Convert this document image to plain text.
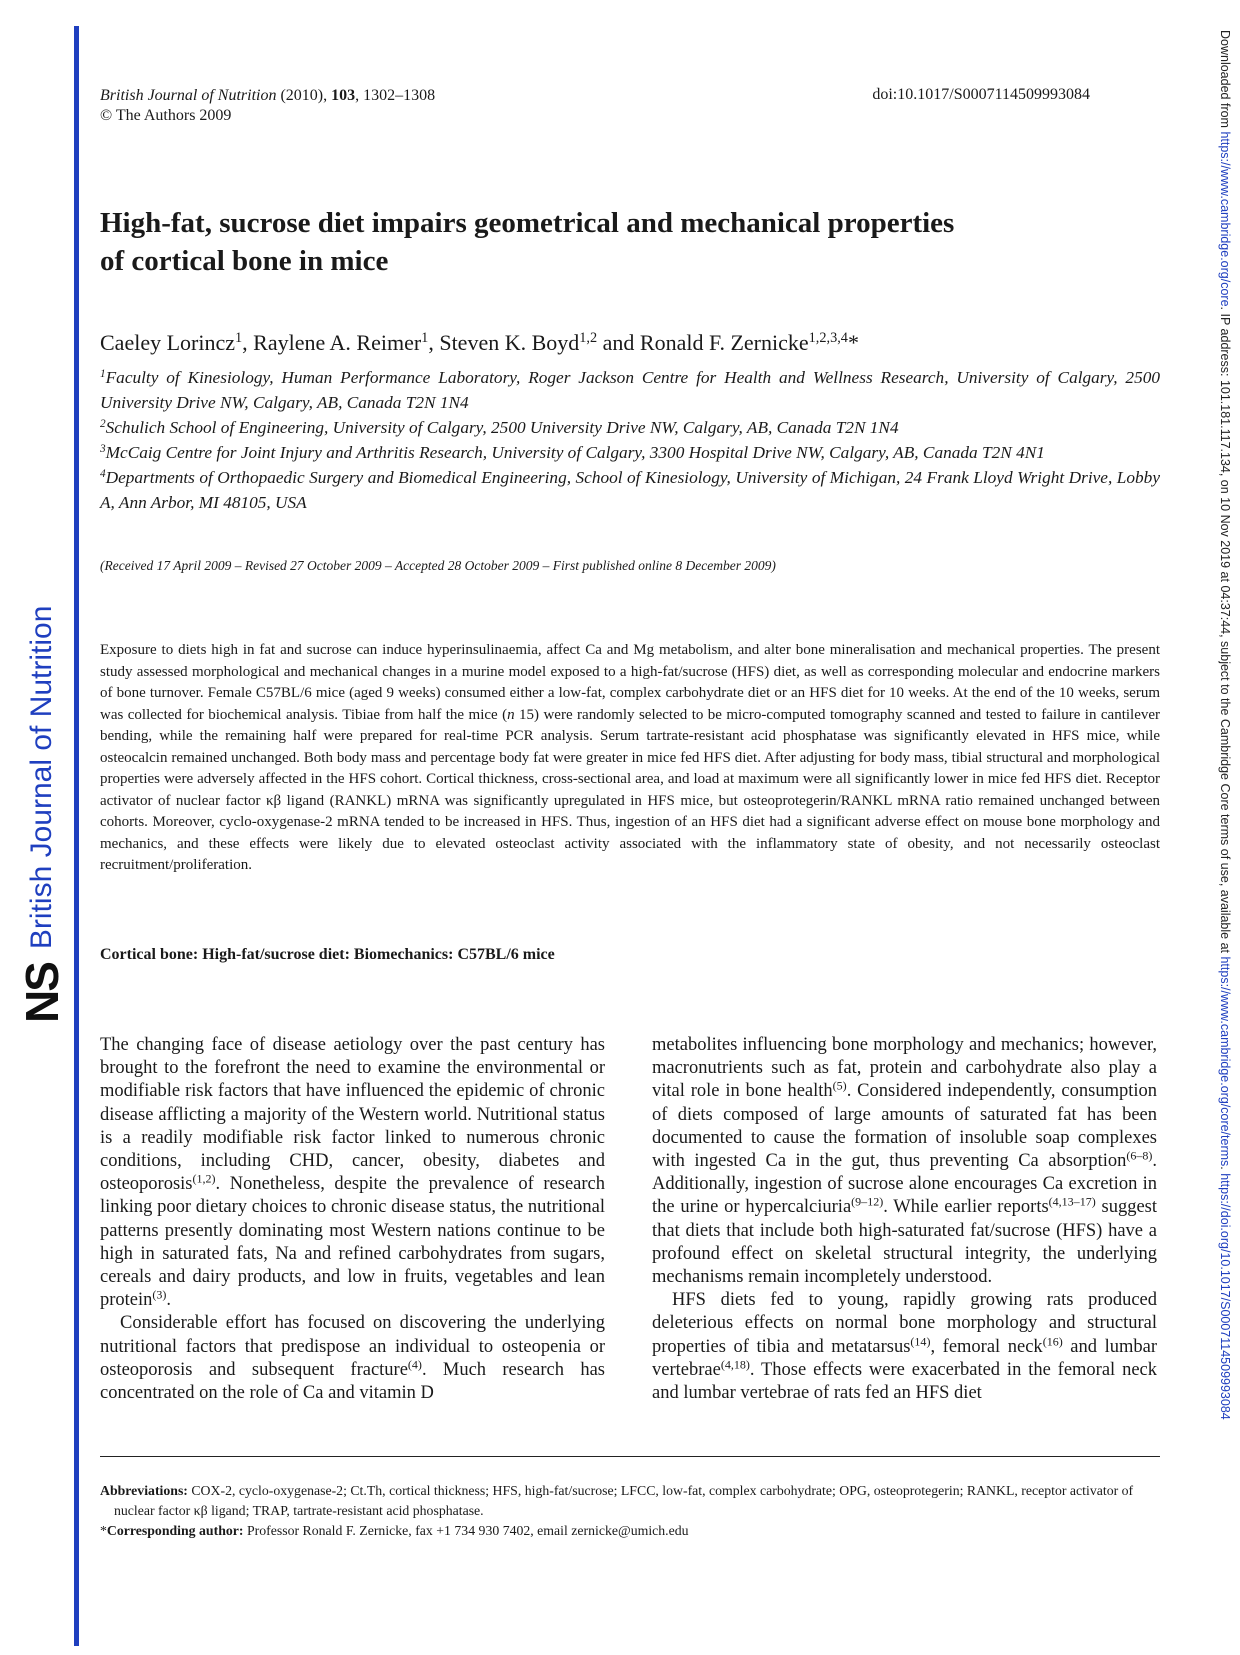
NS
British Journal of Nutrition
Downloaded from https://www.cambridge.org/core. IP address: 101.181.117.134, on 10 Nov 2019 at 04:37:44, subject to the Cambridge Core terms of use, available at https://www.cambridge.org/core/terms. https://doi.org/10.1017/S0007114509993084
British Journal of Nutrition (2010), 103, 1302–1308
© The Authors 2009
doi:10.1017/S0007114509993084
High-fat, sucrose diet impairs geometrical and mechanical properties
of cortical bone in mice
Caeley Lorincz$^1$, Raylene A. Reimer$^1$, Steven K. Boyd$^{1,2}$ and Ronald F. Zernicke$^{1,2,3,4}$*

$^1$Faculty of Kinesiology, Human Performance Laboratory, Roger Jackson Centre for Health and Wellness Research, University of Calgary, 2500 University Drive NW, Calgary, AB, Canada T2N 1N4

$^2$Schulich School of Engineering, University of Calgary, 2500 University Drive NW, Calgary, AB, Canada T2N 1N4

$^3$McCaig Centre for Joint Injury and Arthritis Research, University of Calgary, 3300 Hospital Drive NW, Calgary, AB, Canada T2N 4N1

$^4$Departments of Orthopaedic Surgery and Biomedical Engineering, School of Kinesiology, University of Michigan, 24 Frank Lloyd Wright Drive, Lobby A, Ann Arbor, MI 48105, USA

(Received 17 April 2009 – Revised 27 October 2009 – Accepted 28 October 2009 – First published online 8 December 2009)
Exposure to diets high in fat and sucrose can induce hyperinsulinaemia, affect Ca and Mg metabolism, and alter bone mineralisation and mechanical properties. The present study assessed morphological and mechanical changes in a murine model exposed to a high-fat/sucrose (HFS) diet, as well as corresponding molecular and endocrine markers of bone turnover. Female C57BL/6 mice (aged 9 weeks) consumed either a low-fat, complex carbohydrate diet or an HFS diet for 10 weeks. At the end of the 10 weeks, serum was collected for biochemical analysis. Tibiae from half the mice (n 15) were randomly selected to be micro-computed tomography scanned and tested to failure in cantilever bending, while the remaining half were prepared for real-time PCR analysis. Serum tartrate-resistant acid phosphatase was significantly elevated in HFS mice, while osteocalcin remained unchanged. Both body mass and percentage body fat were greater in mice fed HFS diet. After adjusting for body mass, tibial structural and morphological properties were adversely affected in the HFS cohort. Cortical thickness, cross-sectional area, and load at maximum were all significantly lower in mice fed HFS diet. Receptor activator of nuclear factor κβ ligand (RANKL) mRNA was significantly upregulated in HFS mice, but osteoprotegerin/RANKL mRNA ratio remained unchanged between cohorts. Moreover, cyclo-oxygenase-2 mRNA tended to be increased in HFS. Thus, ingestion of an HFS diet had a significant adverse effect on mouse bone morphology and mechanics, and these effects were likely due to elevated osteoclast activity associated with the inflammatory state of obesity, and not necessarily osteoclast recruitment/proliferation.
Cortical bone: High-fat/sucrose diet: Biomechanics: C57BL/6 mice

The changing face of disease aetiology over the past century has brought to the forefront the need to examine the environmental or modifiable risk factors that have influenced the epidemic of chronic disease afflicting a majority of the Western world. Nutritional status is a readily modifiable risk factor linked to numerous chronic conditions, including CHD, cancer, obesity, diabetes and osteoporosis$^{(1,2)}$. Nonetheless, despite the prevalence of research linking poor dietary choices to chronic disease status, the nutritional patterns presently dominating most Western nations continue to be high in saturated fats, Na and refined carbohydrates from sugars, cereals and dairy products, and low in fruits, vegetables and lean protein$^{(3)}$.

Considerable effort has focused on discovering the underlying nutritional factors that predispose an individual to osteopenia or osteoporosis and subsequent fracture$^{(4)}$. Much research has concentrated on the role of Ca and vitamin D

metabolites influencing bone morphology and mechanics; however, macronutrients such as fat, protein and carbohydrate also play a vital role in bone health$^{(5)}$. Considered independently, consumption of diets composed of large amounts of saturated fat has been documented to cause the formation of insoluble soap complexes with ingested Ca in the gut, thus preventing Ca absorption$^{(6-8)}$. Additionally, ingestion of sucrose alone encourages Ca excretion in the urine or hypercalciuria$^{(9-12)}$. While earlier reports$^{(4,13-17)}$ suggest that diets that include both high-saturated fat/sucrose (HFS) have a profound effect on skeletal structural integrity, the underlying mechanisms remain incompletely understood.

HFS diets fed to young, rapidly growing rats produced deleterious effects on normal bone morphology and structural properties of tibia and metatarsus$^{(14)}$, femoral neck$^{(16)}$ and lumbar vertebrae$^{(4,18)}$. Those effects were exacerbated in the femoral neck and lumbar vertebrae of rats fed an HFS diet

Abbreviations: COX-2, cyclo-oxygenase-2; Ct.Th, cortical thickness; HFS, high-fat/sucrose; LFCC, low-fat, complex carbohydrate; OPG, osteoprotegerin; RANKL, receptor activator of nuclear factor κβ ligand; TRAP, tartrate-resistant acid phosphatase.

*Corresponding author: Professor Ronald F. Zernicke, fax +1 734 930 7402, email zernicke@umich.edu
